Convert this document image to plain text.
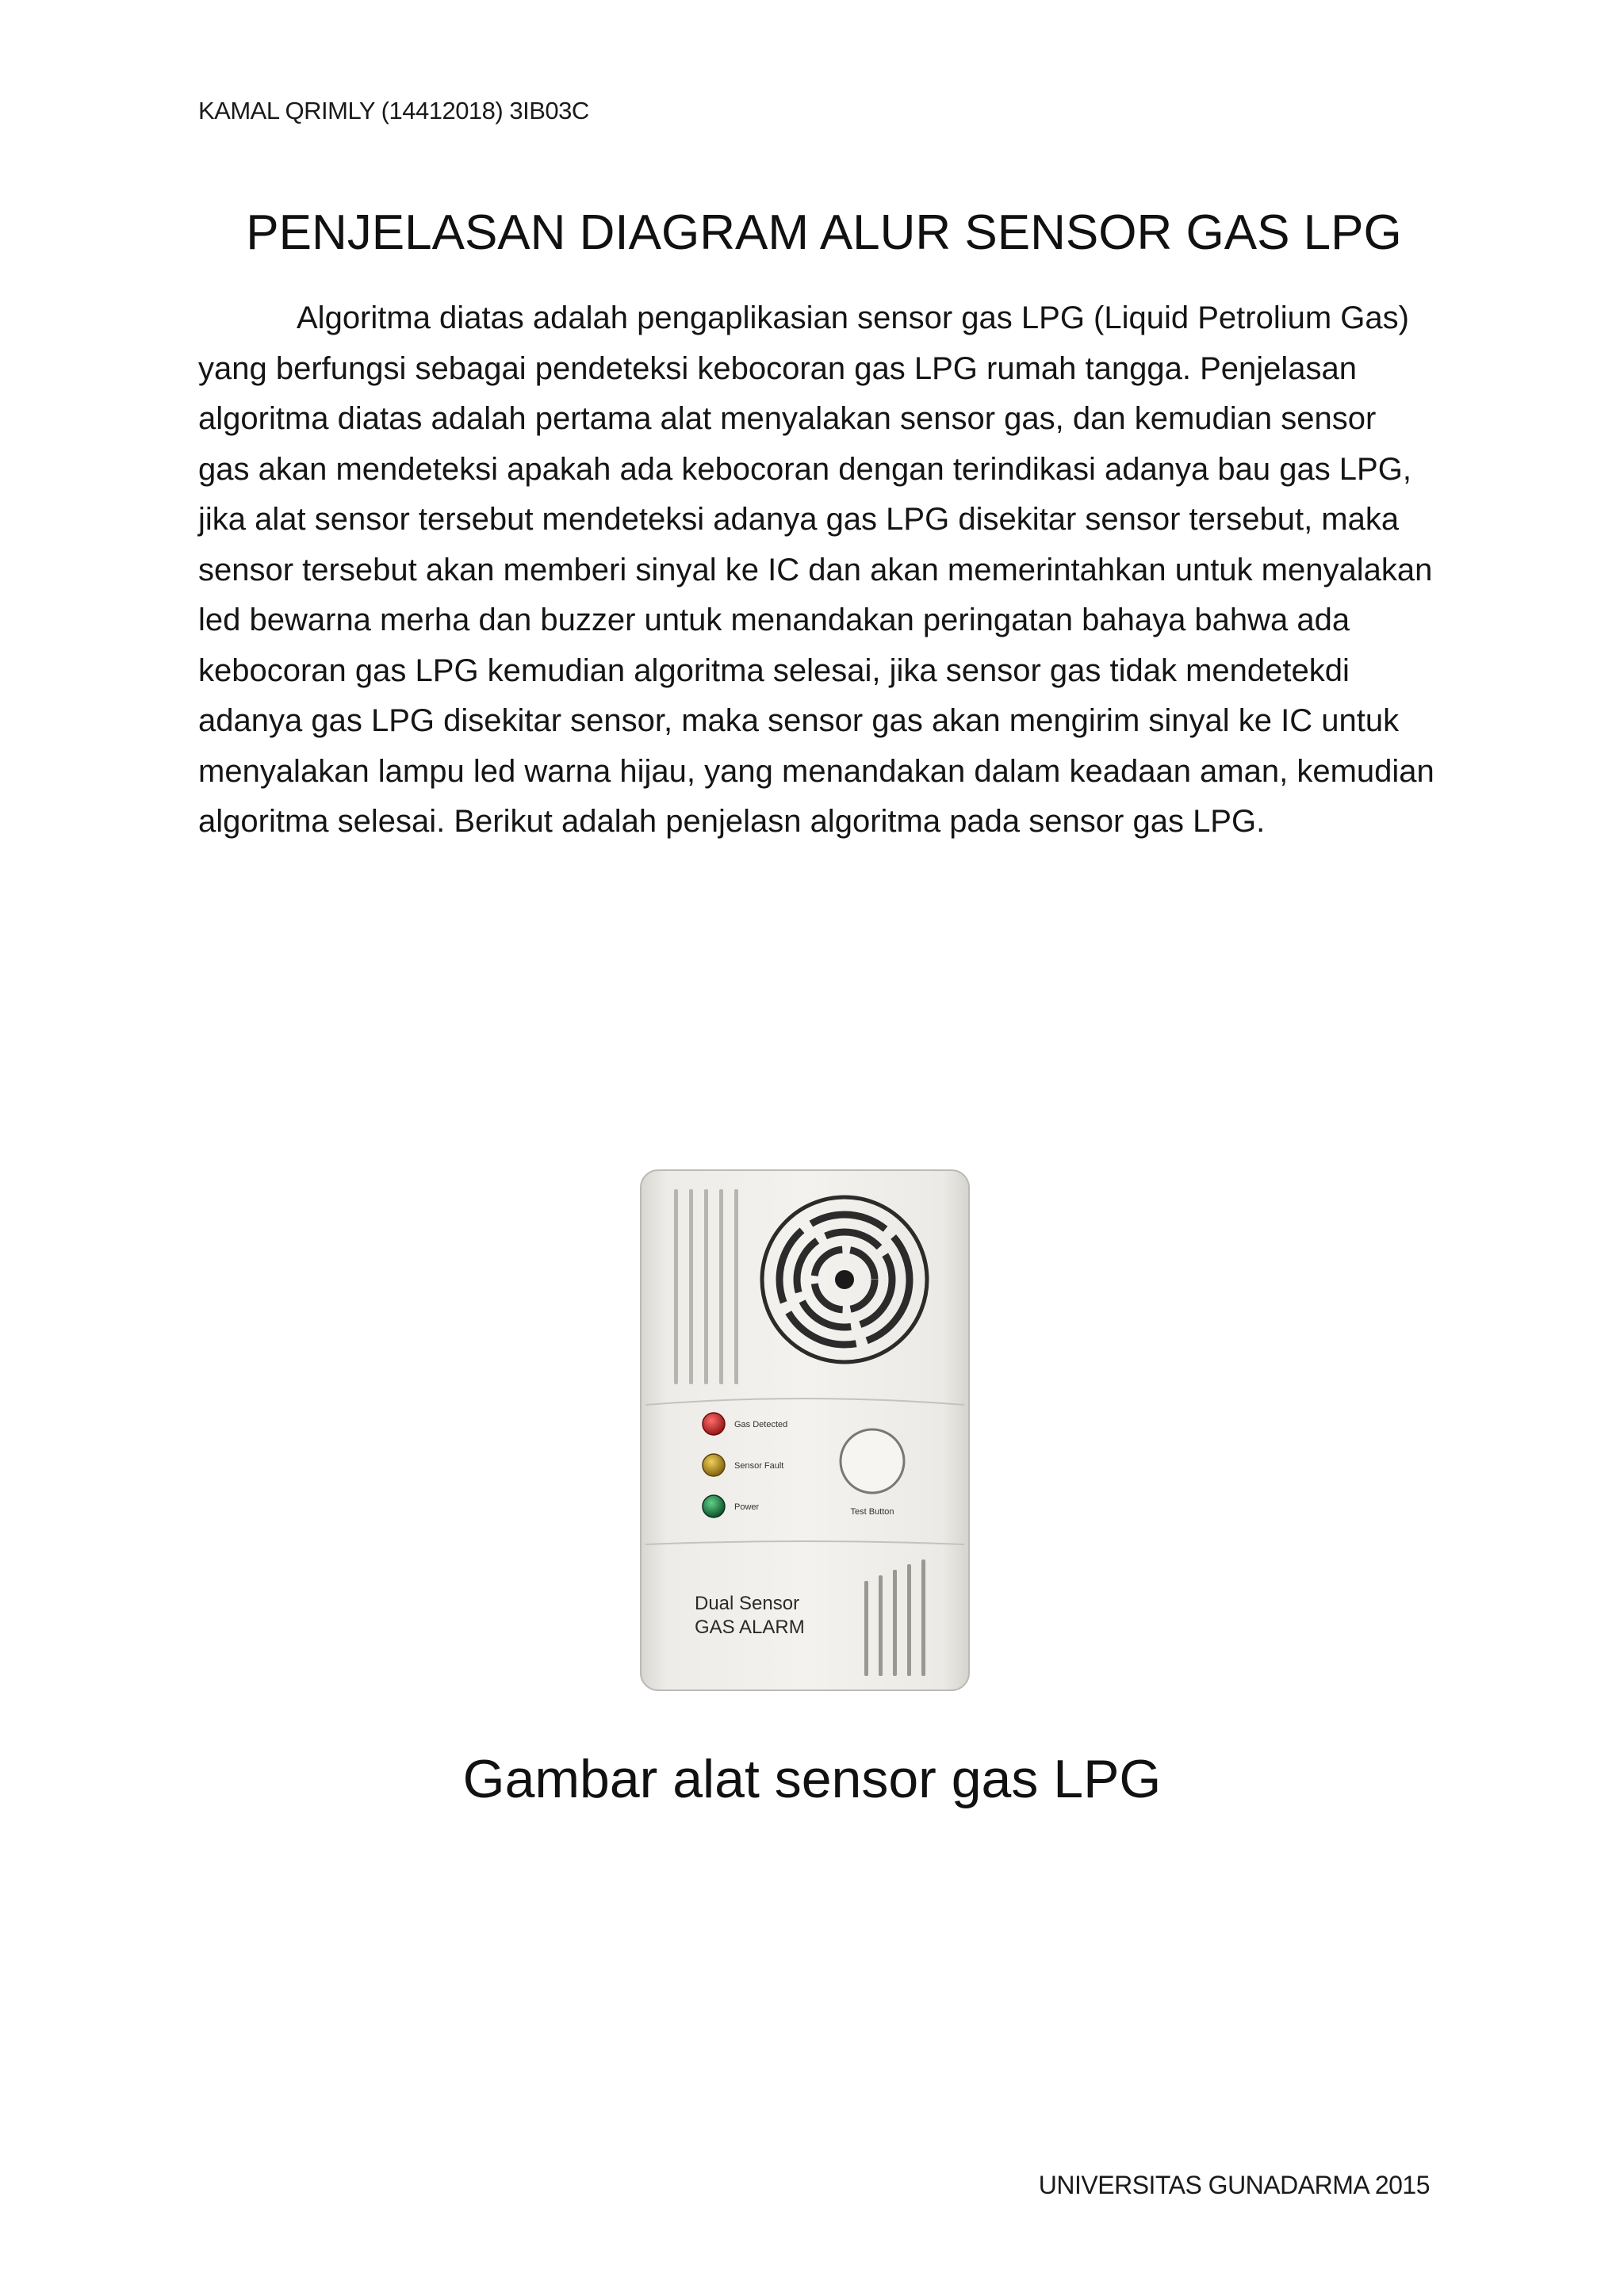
KAMAL QRIMLY (14412018) 3IB03C
PENJELASAN DIAGRAM ALUR SENSOR GAS LPG

Algoritma diatas adalah pengaplikasian sensor gas LPG (Liquid Petrolium Gas) yang berfungsi sebagai pendeteksi kebocoran gas LPG rumah tangga. Penjelasan algoritma diatas adalah pertama alat menyalakan sensor gas, dan kemudian sensor gas akan mendeteksi apakah ada kebocoran dengan terindikasi adanya bau gas LPG, jika alat sensor tersebut mendeteksi adanya gas LPG disekitar sensor tersebut, maka sensor tersebut akan memberi sinyal ke IC dan akan memerintahkan untuk menyalakan led bewarna merha dan buzzer untuk menandakan peringatan bahaya bahwa ada kebocoran gas LPG kemudian algoritma selesai, jika sensor gas tidak mendetekdi adanya gas LPG disekitar sensor, maka sensor gas akan mengirim sinyal ke IC untuk menyalakan lampu led warna hijau, yang menandakan dalam keadaan aman, kemudian algoritma selesai. Berikut adalah penjelasn algoritma pada sensor gas LPG.

Gas Detected
Sensor Fault
Power	Test Button
Dual Sensor
GAS ALARM
Gambar alat sensor gas LPG
UNIVERSITAS GUNADARMA 2015
